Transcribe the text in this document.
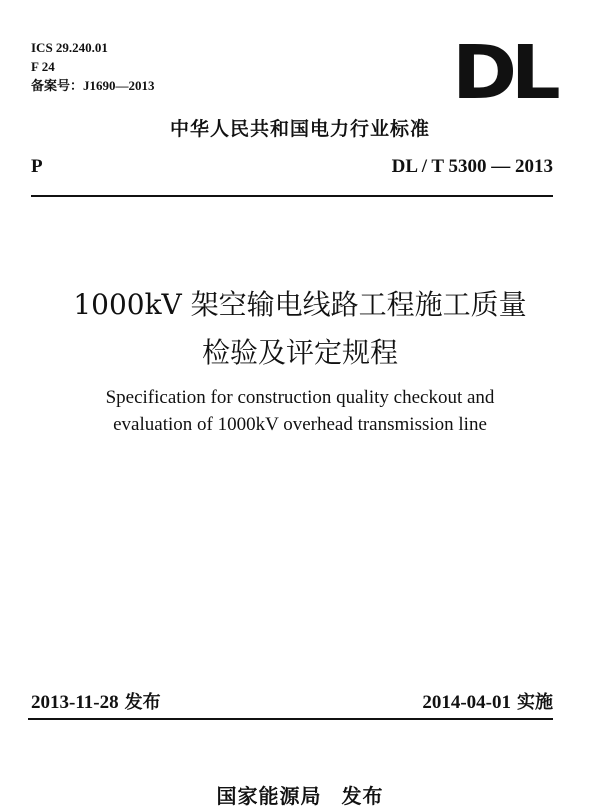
ICS 29.240.01
F 24
备案号：J1690—2013	DL
中华人民共和国电力行业标准
P	DL / T 5300 — 2013
1000kV 架空输电线路工程施工质量
检验及评定规程
Specification for construction quality checkout and
evaluation of 1000kV overhead transmission line
2013-11-28 发布	2014-04-01 实施
国家能源局 发布
